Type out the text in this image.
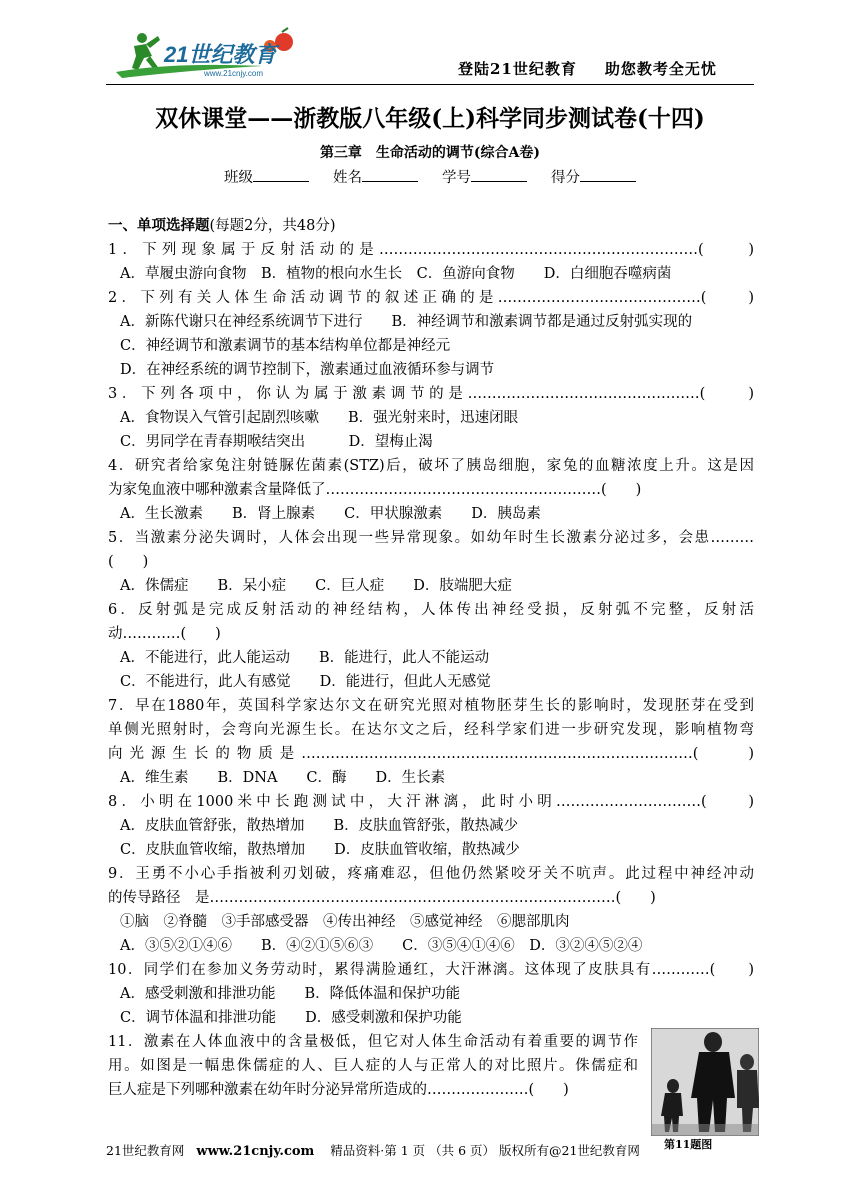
21世纪教育
www.21cnjy.com	登陆21世纪教育 助您教考全无忧
双休课堂——浙教版八年级(上)科学同步测试卷(十四)
第三章　生命活动的调节(综合A卷)
班级	姓名	学号	得分
一、单项选择题(每题2分，共48分)
1．下列现象属于反射活动的是…………………………………………………………(　　)
A．草履虫游向食物　B．植物的根向水生长　C．鱼游向食物　　D．白细胞吞噬病菌
2．下列有关人体生命活动调节的叙述正确的是……………………………………(　　)
A．新陈代谢只在神经系统调节下进行　　B．神经调节和激素调节都是通过反射弧实现的
C．神经调节和激素调节的基本结构单位都是神经元
D．在神经系统的调节控制下，激素通过血液循环参与调节
3．下列各项中，你认为属于激素调节的是…………………………………………(　　)
A．食物误入气管引起剧烈咳嗽　　B．强光射来时，迅速闭眼
C．男同学在青春期喉结突出　　　D．望梅止渴
4．研究者给家兔注射链脲佐菌素(STZ)后，破坏了胰岛细胞，家兔的血糖浓度上升。这是因
为家兔血液中哪种激素含量降低了…………………………………………………(　　)
A．生长激素　　B．肾上腺素　　C．甲状腺激素　　D．胰岛素
5．当激素分泌失调时，人体会出现一些异常现象。如幼年时生长激素分泌过多，会患………
(　　)
A．侏儒症　　B．呆小症　　C．巨人症　　D．肢端肥大症
6．反射弧是完成反射活动的神经结构，人体传出神经受损，反射弧不完整，反射活
动…………(　　)
A．不能进行，此人能运动　　B．能进行，此人不能运动
C．不能进行，此人有感觉　　D．能进行，但此人无感觉
7．早在1880年，英国科学家达尔文在研究光照对植物胚芽生长的影响时，发现胚芽在受到
单侧光照射时，会弯向光源生长。在达尔文之后，经科学家们进一步研究发现，影响植物弯
向光源生长的物质是………………………………………………………………………(　　)
A．维生素　　B．DNA　　C．酶　　D．生长素
8．小明在1000米中长跑测试中，大汗淋漓，此时小明…………………………(　　)
A．皮肤血管舒张，散热增加　　B．皮肤血管舒张，散热减少
C．皮肤血管收缩，散热增加　　D．皮肤血管收缩，散热减少
9．王勇不小心手指被利刃划破，疼痛难忍，但他仍然紧咬牙关不吭声。此过程中神经冲动
的传导路径　是…………………………………………………………………………(　　)
①脑　②脊髓　③手部感受器　④传出神经　⑤感觉神经　⑥腮部肌肉
A．③⑤②①④⑥　　B．④②①⑤⑥③　　C．③⑤④①④⑥　D．③②④⑤②④
10．同学们在参加义务劳动时，累得满脸通红，大汗淋漓。这体现了皮肤具有…………(　　)
A．感受刺激和排泄功能　　B．降低体温和保护功能
C．调节体温和排泄功能　　D．感受刺激和保护功能
11．激素在人体血液中的含量极低，但它对人体生命活动有着重要的调节作
用。如图是一幅患侏儒症的人、巨人症的人与正常人的对比照片。侏儒症和
巨人症是下列哪种激素在幼年时分泌异常所造成的…………………(　　)
第11题图
21世纪教育网 www.21cnjy.com 精品资料·第 1 页 （共 6 页） 版权所有@21世纪教育网
